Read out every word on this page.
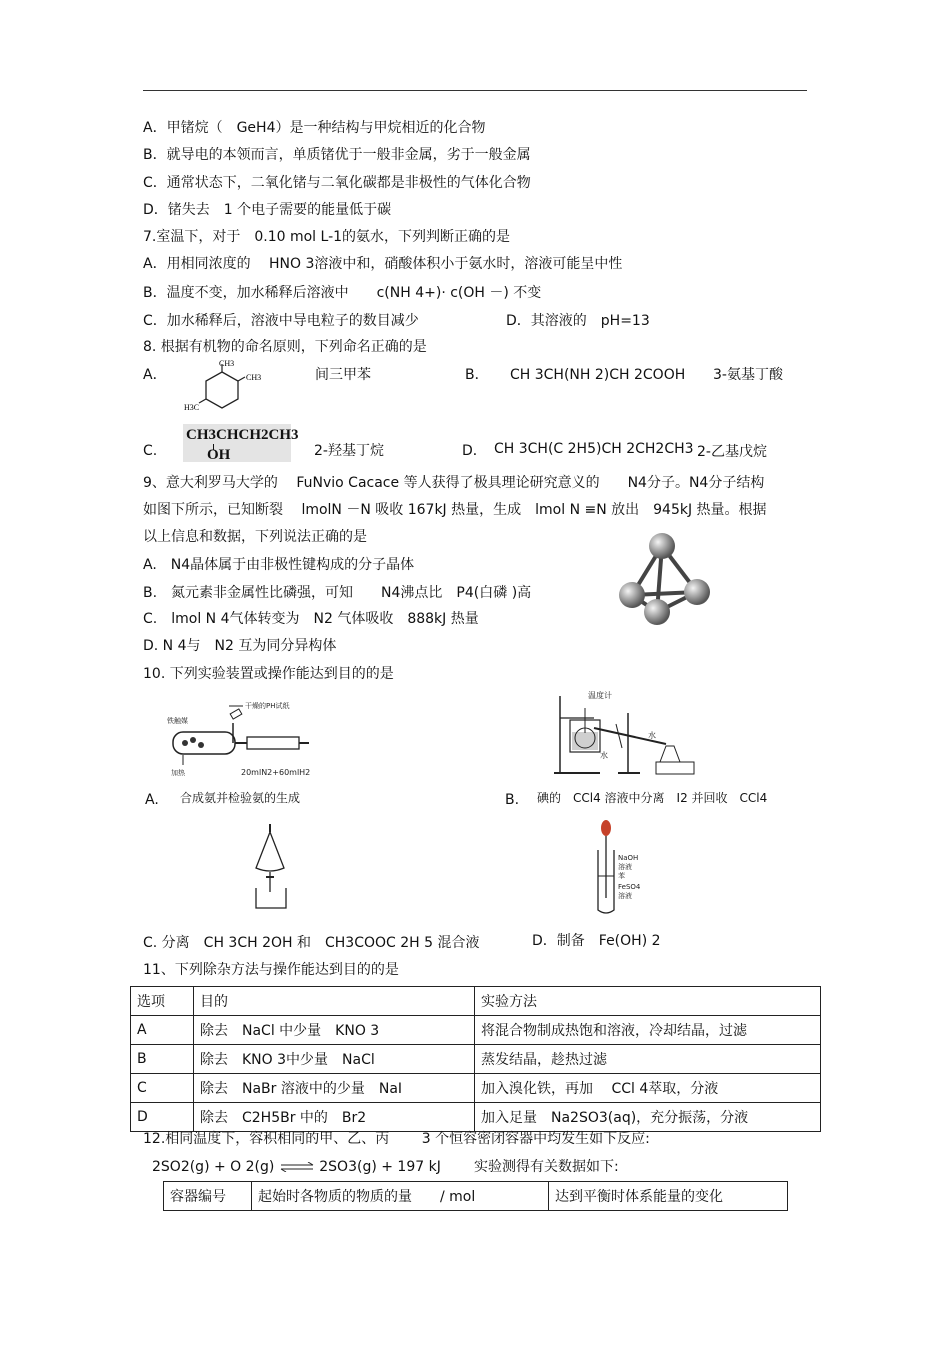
A．甲锗烷（　GeH4）是一种结构与甲烷相近的化合物
B．就导电的本领而言，单质锗优于一般非金属，劣于一般金属
C．通常状态下，二氧化锗与二氧化碳都是非极性的气体化合物
D．锗失去　1 个电子需要的能量低于碳
7.室温下，对于　0.10 mol L-1的氨水，下列判断正确的是
A．用相同浓度的　 HNO 3溶液中和，硝酸体积小于氨水时，溶液可能呈中性
B．温度不变，加水稀释后溶液中　　c(NH 4+)· c(OH －) 不变
C．加水稀释后，溶液中导电粒子的数目减少	D．其溶液的　pH=13
8. 根据有机物的命名原则，下列命名正确的是
A．
CH3
CH3
H3C
间三甲苯	B． CH 3CH(NH 2)CH 2COOH 3-氨基丁酸
C.
CH3CHCH2CH3
OH	2-羟基丁烷	D． CH 3CH(C 2H5)CH 2CH2CH3 2-乙基戊烷
9、意大利罗马大学的　 FuNvio Cacace 等人获得了极具理论研究意义的　　N4分子。N4分子结构
如图下所示，已知断裂　 lmolN －N 吸收 167kJ 热量，生成　lmol N ≡N 放出　945kJ 热量。根据
以上信息和数据，下列说法正确的是
A.　N4晶体属于由非极性键构成的分子晶体
B.　氮元素非金属性比磷强，可知　　N4沸点比　P4(白磷 )高
C.　lmol N 4气体转变为　N2 气体吸收　888kJ 热量
D. N 4与　N2 互为同分异构体
10. 下列实验装置或操作能达到目的的是
干燥的PH试纸
铁触媒
加热	20mlN2+60mlH2
温度计
水
水
A. 合成氨并检验氨的生成	B. 碘的　CCl4 溶液中分离　I2 并回收　CCl4
NaOH
溶液
苯
FeSO4
溶液
C. 分离　CH 3CH 2OH 和　CH3COOC 2H 5 混合液	D．制备　Fe(OH) 2
11、下列除杂方法与操作能达到目的的是
选项	目的	实验方法
A	除去　NaCl 中少量　KNO 3	将混合物制成热饱和溶液，冷却结晶，过滤
B	除去　KNO 3中少量　NaCl	蒸发结晶，趁热过滤
C	除去　NaBr 溶液中的少量　NaI	加入溴化铁，再加　 CCl 4萃取，分液
D	除去　C2H5Br 中的　Br2	加入足量　Na2SO3(aq)，充分振荡，分液
12.相同温度下，容积相同的甲、乙、丙　　 3 个恒容密闭容器中均发生如下反应:
2SO2(g) + O 2(g) ⇌ 2SO3(g) + 197 kJ 实验测得有关数据如下:
容器编号	起始时各物质的物质的量　　/ mol	达到平衡时体系能量的变化
